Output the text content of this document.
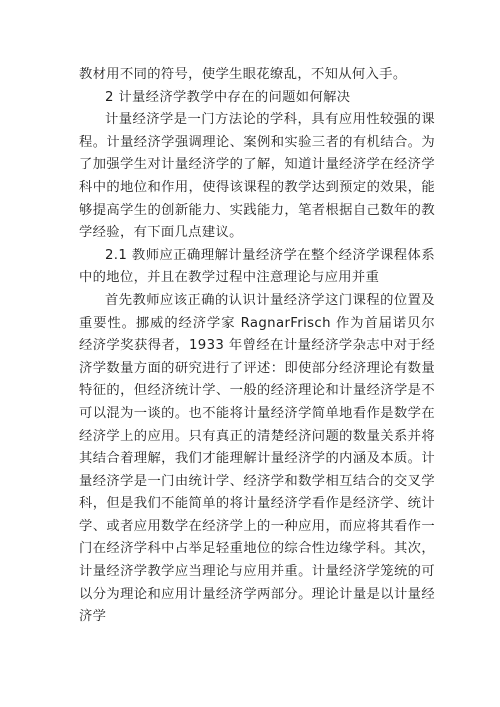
教材用不同的符号，使学生眼花缭乱，不知从何入手。

2 计量经济学教学中存在的问题如何解决

计量经济学是一门方法论的学科，具有应用性较强的课程。计量经济学强调理论、案例和实验三者的有机结合。为了加强学生对计量经济学的了解，知道计量经济学在经济学科中的地位和作用，使得该课程的教学达到预定的效果，能够提高学生的创新能力、实践能力，笔者根据自己数年的教学经验，有下面几点建议。

2.1 教师应正确理解计量经济学在整个经济学课程体系中的地位，并且在教学过程中注意理论与应用并重

首先教师应该正确的认识计量经济学这门课程的位置及重要性。挪威的经济学家 RagnarFrisch 作为首届诺贝尔经济学奖获得者，1933 年曾经在计量经济学杂志中对于经济学数量方面的研究进行了评述：即使部分经济理论有数量特征的，但经济统计学、一般的经济理论和计量经济学是不可以混为一谈的。也不能将计量经济学简单地看作是数学在经济学上的应用。只有真正的清楚经济问题的数量关系并将其结合着理解，我们才能理解计量经济学的内涵及本质。计量经济学是一门由统计学、经济学和数学相互结合的交叉学科，但是我们不能简单的将计量经济学看作是经济学、统计学、或者应用数学在经济学上的一种应用，而应将其看作一门在经济学科中占举足轻重地位的综合性边缘学科。其次，计量经济学教学应当理论与应用并重。计量经济学笼统的可以分为理论和应用计量经济学两部分。理论计量是以计量经济学
